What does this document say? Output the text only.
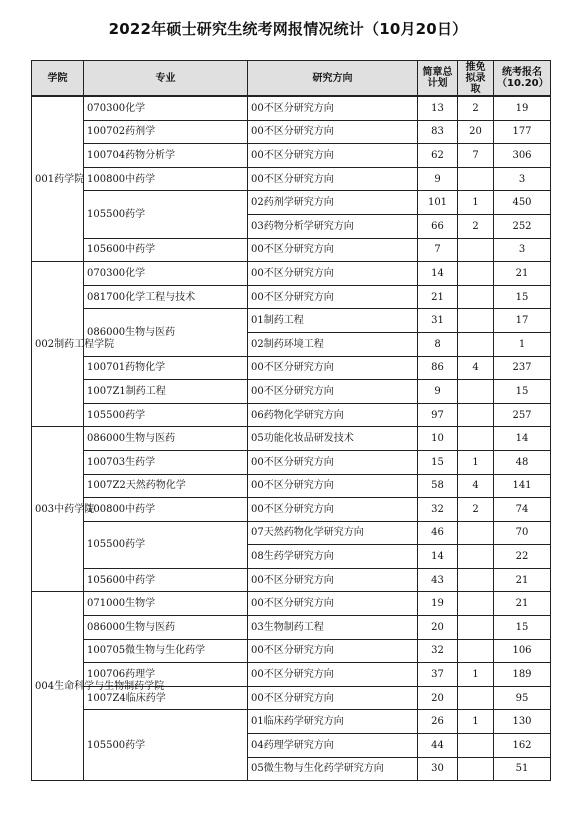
2022年硕士研究生统考网报情况统计（10月20日）
学院	专业	研究方向	简章总计划	推免拟录取	统考报名（10.20）
001药学院	070300化学	00不区分研究方向	13	2	19
	100702药剂学	00不区分研究方向	83	20	177
	100704药物分析学	00不区分研究方向	62	7	306
	100800中药学	00不区分研究方向	9		3
	105500药学	02药剂学研究方向	101	1	450
		03药物分析学研究方向	66	2	252
	105600中药学	00不区分研究方向	7		3
002制药工程学院	070300化学	00不区分研究方向	14		21
	081700化学工程与技术	00不区分研究方向	21		15
	086000生物与医药	01制药工程	31		17
		02制药环境工程	8		1
	100701药物化学	00不区分研究方向	86	4	237
	1007Z1制药工程	00不区分研究方向	9		15
	105500药学	06药物化学研究方向	97		257
003中药学院	086000生物与医药	05功能化妆品研发技术	10		14
	100703生药学	00不区分研究方向	15	1	48
	1007Z2天然药物化学	00不区分研究方向	58	4	141
	100800中药学	00不区分研究方向	32	2	74
	105500药学	07天然药物化学研究方向	46		70
		08生药学研究方向	14		22
	105600中药学	00不区分研究方向	43		21
004生命科学与生物制药学院	071000生物学	00不区分研究方向	19		21
	086000生物与医药	03生物制药工程	20		15
	100705微生物与生化药学	00不区分研究方向	32		106
	100706药理学	00不区分研究方向	37	1	189
	1007Z4临床药学	00不区分研究方向	20		95
	105500药学	01临床药学研究方向	26	1	130
		04药理学研究方向	44		162
		05微生物与生化药学研究方向	30		51
